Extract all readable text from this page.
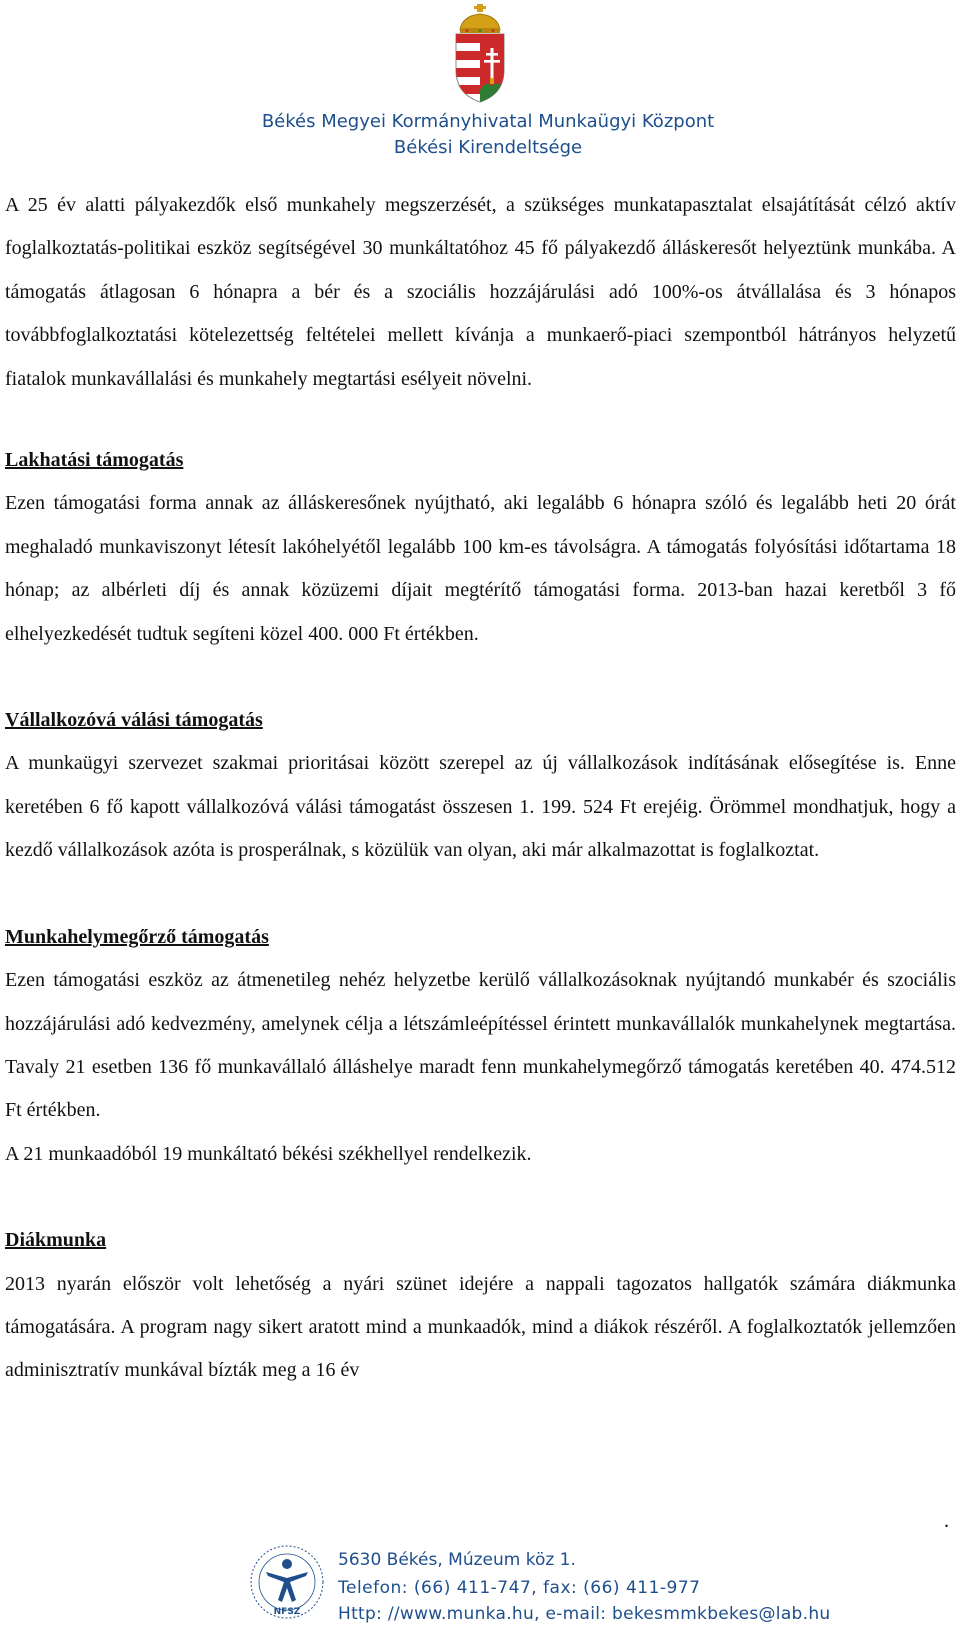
Békés Megyei Kormányhivatal Munkaügyi Központ
Békési Kirendeltsége

A 25 év alatti pályakezdők első munkahely megszerzését, a szükséges munkatapasztalat elsajátítását célzó aktív foglalkoztatás-politikai eszköz segítségével 30 munkáltatóhoz 45 fő pályakezdő álláskeresőt helyeztünk munkába. A támogatás átlagosan 6 hónapra a bér és a szociális hozzájárulási adó 100%-os átvállalása és 3 hónapos továbbfoglalkoztatási kötelezettség feltételei mellett kívánja a munkaerő-piaci szempontból hátrányos helyzetű fiatalok munkavállalási és munkahely megtartási esélyeit növelni.

Lakhatási támogatás

Ezen támogatási forma annak az álláskeresőnek nyújtható, aki legalább 6 hónapra szóló és legalább heti 20 órát meghaladó munkaviszonyt létesít lakóhelyétől legalább 100 km-es távolságra. A támogatás folyósítási időtartama 18 hónap; az albérleti díj és annak közüzemi díjait megtérítő támogatási forma. 2013-ban hazai keretből 3 fő elhelyezkedését tudtuk segíteni közel 400. 000 Ft értékben.

Vállalkozóvá válási támogatás

A munkaügyi szervezet szakmai prioritásai között szerepel az új vállalkozások indításának elősegítése is. Enne keretében 6 fő kapott vállalkozóvá válási támogatást összesen 1. 199. 524 Ft erejéig. Örömmel mondhatjuk, hogy a kezdő vállalkozások azóta is prosperálnak, s közülük van olyan, aki már alkalmazottat is foglalkoztat.

Munkahelymegőrző támogatás

Ezen támogatási eszköz az átmenetileg nehéz helyzetbe kerülő vállalkozásoknak nyújtandó munkabér és szociális hozzájárulási adó kedvezmény, amelynek célja a létszámleépítéssel érintett munkavállalók munkahelynek megtartása. Tavaly 21 esetben 136 fő munkavállaló álláshelye maradt fenn munkahelymegőrző támogatás keretében 40. 474.512 Ft értékben.

A 21 munkaadóból 19 munkáltató békési székhellyel rendelkezik.

Diákmunka

2013 nyarán először volt lehetőség a nyári szünet idejére a nappali tagozatos hallgatók számára diákmunka támogatására. A program nagy sikert aratott mind a munkaadók, mind a diákok részéről. A foglalkoztatók jellemzően adminisztratív munkával bízták meg a 16 év

.
NFSZ
5630 Békés, Múzeum köz 1.
Telefon: (66) 411-747, fax: (66) 411-977
Http: //www.munka.hu, e-mail: bekesmmkbekes@lab.hu
